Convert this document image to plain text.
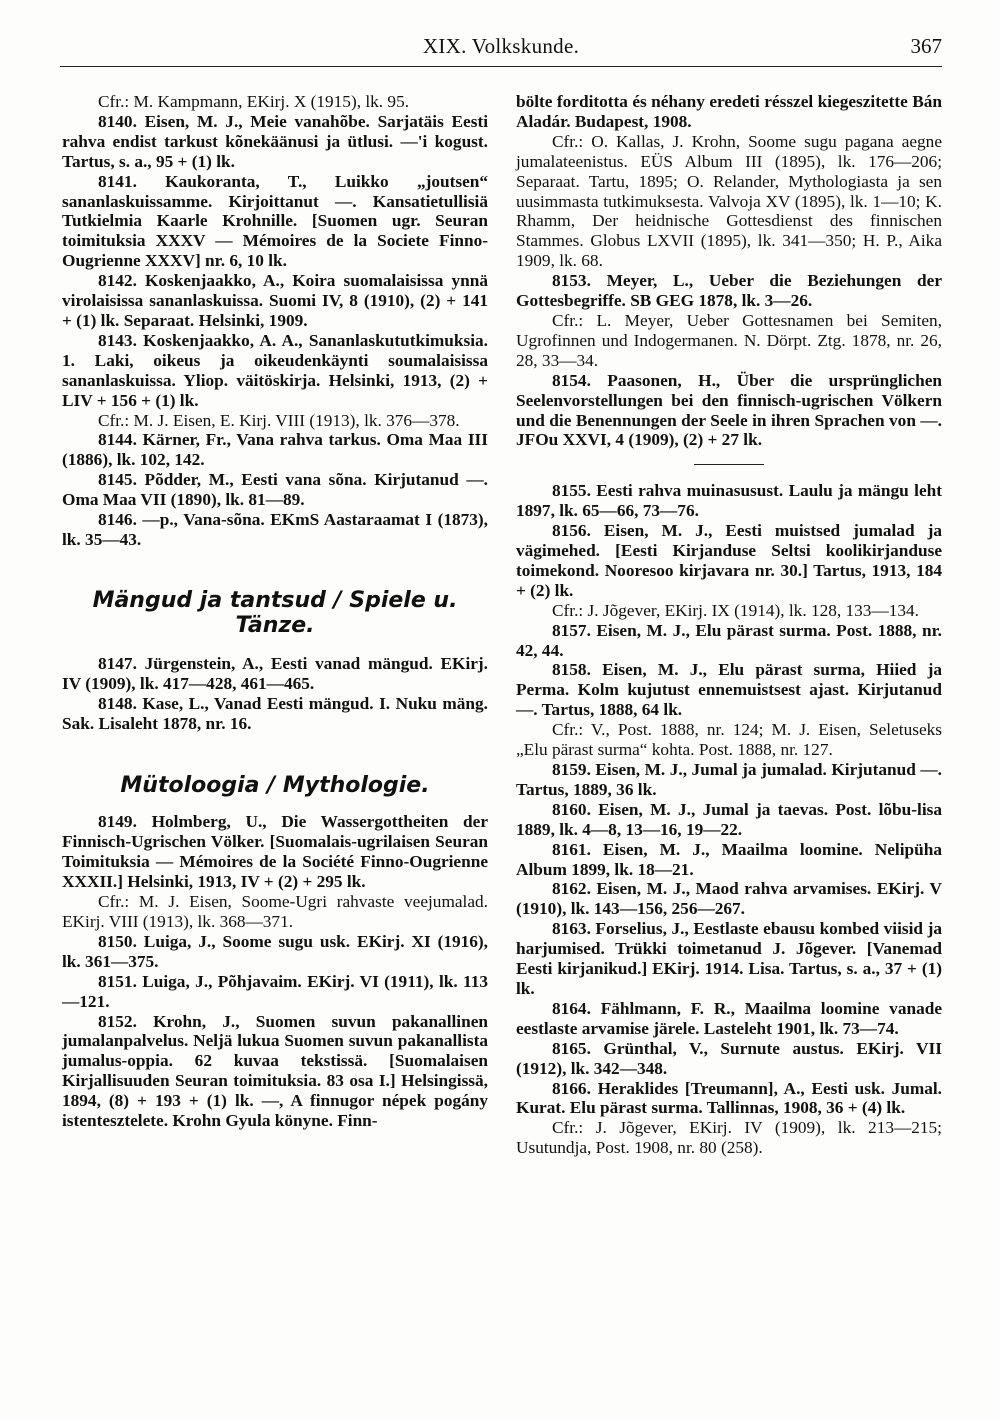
XIX. Volkskunde.	367
Cfr.: M. Kampmann, EKirj. X (1915), lk. 95.
8140. Eisen, M. J., Meie vanahõbe. Sarjatäis Eesti rahva endist tarkust kõnekäänusi ja ütlusi. —'i kogust. Tartus, s. a., 95 + (1) lk.
8141. Kaukoranta, T., Luikko „joutsen“ sananlaskuissamme. Kirjoittanut —. Kansatietullisiä Tutkielmia Kaarle Krohnille. [Suomen ugr. Seuran toimituksia XXXV — Mémoires de la Societe Finno-Ougrienne XXXV] nr. 6, 10 lk.
8142. Koskenjaakko, A., Koira suomalaisissa ynnä virolaisissa sananlaskuissa. Suomi IV, 8 (1910), (2) + 141 + (1) lk. Separaat. Helsinki, 1909.
8143. Koskenjaakko, A. A., Sananlaskututkimuksia. 1. Laki, oikeus ja oikeudenkäynti soumalaisissa sananlaskuissa. Yliop. väitöskirja. Helsinki, 1913, (2) + LIV + 156 + (1) lk.
Cfr.: M. J. Eisen, E. Kirj. VIII (1913), lk. 376—378.
8144. Kärner, Fr., Vana rahva tarkus. Oma Maa III (1886), lk. 102, 142.
8145. Põdder, M., Eesti vana sõna. Kirjutanud —. Oma Maa VII (1890), lk. 81—89.
8146. —p., Vana-sõna. EKmS Aastaraamat I (1873), lk. 35—43.
Mängud ja tantsud / Spiele u. Tänze.
8147. Jürgenstein, A., Eesti vanad mängud. EKirj. IV (1909), lk. 417—428, 461—465.
8148. Kase, L., Vanad Eesti mängud. I. Nuku mäng. Sak. Lisaleht 1878, nr. 16.
Mütoloogia / Mythologie.
8149. Holmberg, U., Die Wassergottheiten der Finnisch-Ugrischen Völker. [Suomalais-ugrilaisen Seuran Toimituksia — Mémoires de la Société Finno-Ougrienne XXXII.] Helsinki, 1913, IV + (2) + 295 lk.
Cfr.: M. J. Eisen, Soome-Ugri rahvaste veejumalad. EKirj. VIII (1913), lk. 368—371.
8150. Luiga, J., Soome sugu usk. EKirj. XI (1916), lk. 361—375.
8151. Luiga, J., Põhjavaim. EKirj. VI (1911), lk. 113—121.
8152. Krohn, J., Suomen suvun pakanallinen jumalanpalvelus. Neljä lukua Suomen suvun pakanallista jumalus-oppia. 62 kuvaa tekstissä. [Suomalaisen Kirjallisuuden Seuran toimituksia. 83 osa I.] Helsingissä, 1894, (8) + 193 + (1) lk. —, A finnugor népek pogány istentesztelete. Krohn Gyula könyne. Finn-
bölte forditotta és néhany eredeti résszel kiegeszitette Bán Aladár. Budapest, 1908.
Cfr.: O. Kallas, J. Krohn, Soome sugu pagana aegne jumalateenistus. EÜS Album III (1895), lk. 176—206; Separaat. Tartu, 1895; O. Relander, Mythologiasta ja sen uusimmasta tutkimuksesta. Valvoja XV (1895), lk. 1—10; K. Rhamm, Der heidnische Gottesdienst des finnischen Stammes. Globus LXVII (1895), lk. 341—350; H. P., Aika 1909, lk. 68.
8153. Meyer, L., Ueber die Beziehungen der Gottesbegriffe. SB GEG 1878, lk. 3—26.
Cfr.: L. Meyer, Ueber Gottesnamen bei Semiten, Ugrofinnen und Indogermanen. N. Dörpt. Ztg. 1878, nr. 26, 28, 33—34.
8154. Paasonen, H., Über die ursprünglichen Seelenvorstellungen bei den finnisch-ugrischen Völkern und die Benennungen der Seele in ihren Sprachen von —. JFOu XXVI, 4 (1909), (2) + 27 lk.
8155. Eesti rahva muinasusust. Laulu ja mängu leht 1897, lk. 65—66, 73—76.
8156. Eisen, M. J., Eesti muistsed jumalad ja vägimehed. [Eesti Kirjanduse Seltsi koolikirjanduse toimekond. Nooresoo kirjavara nr. 30.] Tartus, 1913, 184 + (2) lk.
Cfr.: J. Jõgever, EKirj. IX (1914), lk. 128, 133—134.
8157. Eisen, M. J., Elu pärast surma. Post. 1888, nr. 42, 44.
8158. Eisen, M. J., Elu pärast surma, Hiied ja Perma. Kolm kujutust ennemuistsest ajast. Kirjutanud —. Tartus, 1888, 64 lk.
Cfr.: V., Post. 1888, nr. 124; M. J. Eisen, Seletuseks „Elu pärast surma“ kohta. Post. 1888, nr. 127.
8159. Eisen, M. J., Jumal ja jumalad. Kirjutanud —. Tartus, 1889, 36 lk.
8160. Eisen, M. J., Jumal ja taevas. Post. lõbu-lisa 1889, lk. 4—8, 13—16, 19—22.
8161. Eisen, M. J., Maailma loomine. Nelipüha Album 1899, lk. 18—21.
8162. Eisen, M. J., Maod rahva arvamises. EKirj. V (1910), lk. 143—156, 256—267.
8163. Forselius, J., Eestlaste ebausu kombed viisid ja harjumised. Trükki toimetanud J. Jõgever. [Vanemad Eesti kirjanikud.] EKirj. 1914. Lisa. Tartus, s. a., 37 + (1) lk.
8164. Fählmann, F. R., Maailma loomine vanade eestlaste arvamise järele. Lasteleht 1901, lk. 73—74.
8165. Grünthal, V., Surnute austus. EKirj. VII (1912), lk. 342—348.
8166. Heraklides [Treumann], A., Eesti usk. Jumal. Kurat. Elu pärast surma. Tallinnas, 1908, 36 + (4) lk.
Cfr.: J. Jõgever, EKirj. IV (1909), lk. 213—215; Usutundja, Post. 1908, nr. 80 (258).
